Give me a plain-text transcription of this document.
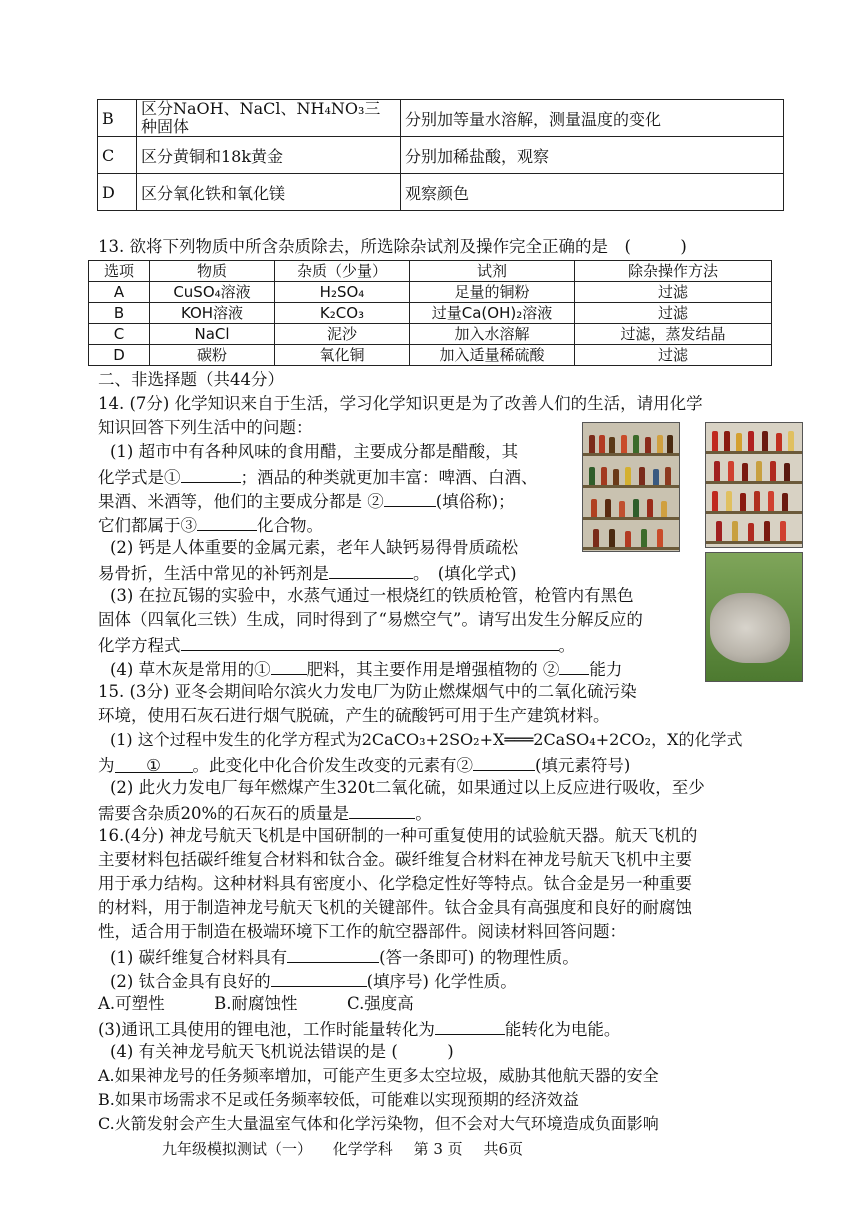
B	区分NaOH、NaCl、NH₄NO₃三种固体	分别加等量水溶解，测量温度的变化
C	区分黄铜和18k黄金	分别加稀盐酸，观察
D	区分氧化铁和氧化镁	观察颜色
13. 欲将下列物质中所含杂质除去，所选除杂试剂及操作完全正确的是　(　　　)
选项	物质	杂质（少量）	试剂	除杂操作方法
A	CuSO₄溶液	H₂SO₄	足量的铜粉	过滤
B	KOH溶液	K₂CO₃	过量Ca(OH)₂溶液	过滤
C	NaCl	泥沙	加入水溶解	过滤，蒸发结晶
D	碳粉	氧化铜	加入适量稀硫酸	过滤
二、非选择题（共44分）
14. (7分) 化学知识来自于生活，学习化学知识更是为了改善人们的生活，请用化学
知识回答下列生活中的问题：
(1) 超市中有各种风味的食用醋，主要成分都是醋酸，其
化学式是①	；酒品的种类就更加丰富：啤酒、白酒、
果酒、米酒等，他们的主要成分都是 ②	(填俗称)；
它们都属于③	化合物。
(2) 钙是人体重要的金属元素，老年人缺钙易得骨质疏松
易骨折，生活中常见的补钙剂是	。　(填化学式)
(3) 在拉瓦锡的实验中，水蒸气通过一根烧红的铁质枪管，枪管内有黑色
固体（四氧化三铁）生成，同时得到了“易燃空气”。请写出发生分解反应的
化学方程式	。
(4) 草木灰是常用的① 肥料，其主要作用是增强植物的 ② 能力
15. (3分) 亚冬会期间哈尔滨火力发电厂为防止燃煤烟气中的二氧化硫污染
环境，使用石灰石进行烟气脱硫，产生的硫酸钙可用于生产建筑材料。
(1) 这个过程中发生的化学方程式为2CaCO₃+2SO₂+X═══2CaSO₄+2CO₂，X的化学式
为 ① 。此变化中化合价发生改变的元素有②	(填元素符号)
(2) 此火力发电厂每年燃煤产生320t二氧化硫，如果通过以上反应进行吸收，至少
需要含杂质20%的石灰石的质量是	。
16.(4分) 神龙号航天飞机是中国研制的一种可重复使用的试验航天器。航天飞机的
主要材料包括碳纤维复合材料和钛合金。碳纤维复合材料在神龙号航天飞机中主要
用于承力结构。这种材料具有密度小、化学稳定性好等特点。钛合金是另一种重要
的材料，用于制造神龙号航天飞机的关键部件。钛合金具有高强度和良好的耐腐蚀
性，适合用于制造在极端环境下工作的航空器部件。阅读材料回答问题：
(1) 碳纤维复合材料具有	(答一条即可) 的物理性质。
(2) 钛合金具有良好的	(填序号) 化学性质。
A.可塑性　　　B.耐腐蚀性　　　C.强度高
(3)通讯工具使用的锂电池，工作时能量转化为	能转化为电能。
(4) 有关神龙号航天飞机说法错误的是 (　　　)
A.如果神龙号的任务频率增加，可能产生更多太空垃圾，威胁其他航天器的安全
B.如果市场需求不足或任务频率较低，可能难以实现预期的经济效益
C.火箭发射会产生大量温室气体和化学污染物，但不会对大气环境造成负面影响
九年级模拟测试（一） 化学学科 第 3 页 共6页
